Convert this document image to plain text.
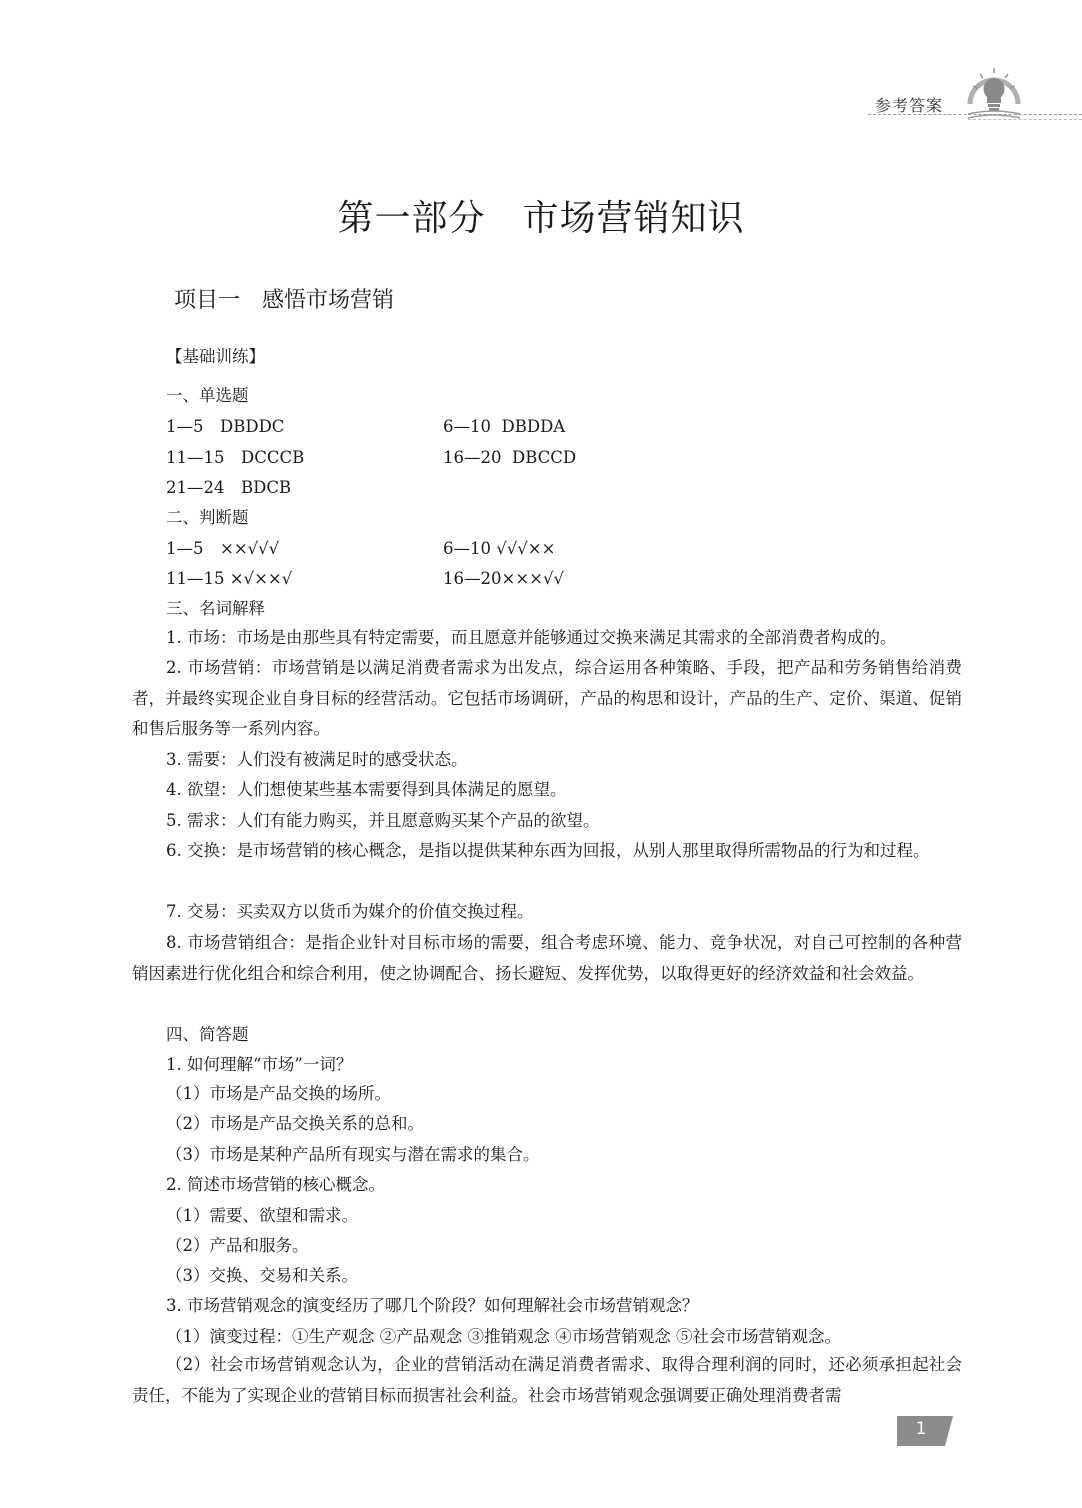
参考答案
第一部分　市场营销知识
项目一　感悟市场营销
【基础训练】
一、单选题
1—5　DBDDC	6—10  DBDDA
11—15　DCCCB	16—20  DBCCD
21—24　BDCB
二、判断题
1—5　××√√√	6—10 √√√××
11—15 ×√××√	16—20×××√√
三、名词解释
1. 市场：市场是由那些具有特定需要，而且愿意并能够通过交换来满足其需求的全部消费者构成的。
2. 市场营销：市场营销是以满足消费者需求为出发点，综合运用各种策略、手段，把产品和劳务销售给消费者，并最终实现企业自身目标的经营活动。它包括市场调研，产品的构思和设计，产品的生产、定价、渠道、促销和售后服务等一系列内容。
3. 需要：人们没有被满足时的感受状态。
4. 欲望：人们想使某些基本需要得到具体满足的愿望。
5. 需求：人们有能力购买，并且愿意购买某个产品的欲望。
6. 交换：是市场营销的核心概念，是指以提供某种东西为回报，从别人那里取得所需物品的行为和过程。
7. 交易：买卖双方以货币为媒介的价值交换过程。
8. 市场营销组合：是指企业针对目标市场的需要，组合考虑环境、能力、竞争状况，对自己可控制的各种营销因素进行优化组合和综合利用，使之协调配合、扬长避短、发挥优势，以取得更好的经济效益和社会效益。
四、简答题
1. 如何理解“市场”一词？
（1）市场是产品交换的场所。
（2）市场是产品交换关系的总和。
（3）市场是某种产品所有现实与潜在需求的集合。
2. 简述市场营销的核心概念。
（1）需要、欲望和需求。
（2）产品和服务。
（3）交换、交易和关系。
3. 市场营销观念的演变经历了哪几个阶段？如何理解社会市场营销观念？
（1）演变过程：①生产观念 ②产品观念 ③推销观念 ④市场营销观念 ⑤社会市场营销观念。
（2）社会市场营销观念认为，企业的营销活动在满足消费者需求、取得合理利润的同时，还必须承担起社会责任，不能为了实现企业的营销目标而损害社会利益。社会市场营销观念强调要正确处理消费者需
1
